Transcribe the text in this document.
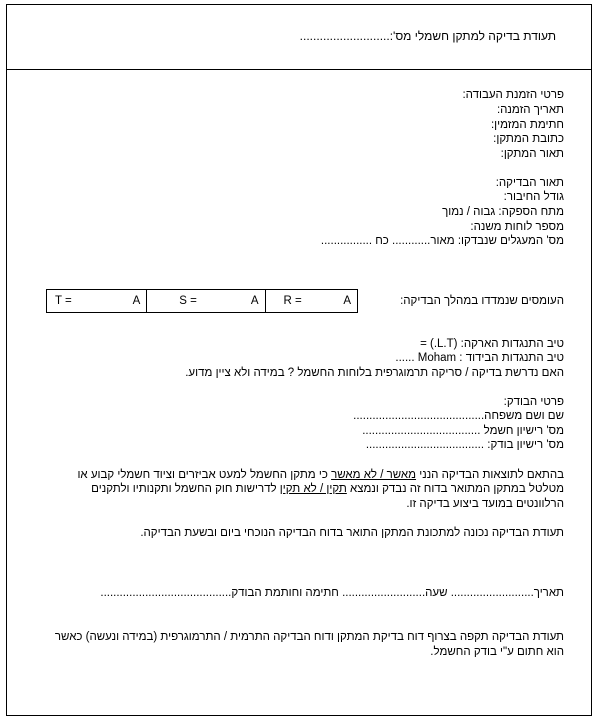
תעודת בדיקה למתקן חשמלי מס':...........................
פרטי הזמנת העבודה:
תאריך הזמנה:
חתימת המזמין:
כתובת המתקן:
תאור המתקן:
תאור הבדיקה:
גודל החיבור:
מתח הספקה: גבוה / נמוך
מספר לוחות משנה:
מס' המעגלים שנבדקו: מאור............ כח ................
העומסים שנמדדו במהלך הבדיקה:
T =	A	S =	A	R =	A
טיב התנגדות הארקה: (L.T.) =
טיב התנגדות הבידוד : Moham ......
האם נדרשת בדיקה / סריקה תרמוגרפית בלוחות החשמל ? במידה ולא ציין מדוע.
פרטי הבודק:
שם ושם משפחה.........................................
מס' רישיון חשמל .....................................
מס' רישיון בודק: .....................................
בהתאם לתוצאות הבדיקה הנני מאשר / לא מאשר כי מתקן החשמל למעט אביזרים וציוד חשמלי קבוע או
מטלטל במתקן המתואר בדוח זה נבדק ונמצא תקין / לא תקין לדרישות חוק החשמל ותקנותיו ולתקנים
הרלוונטים במועד ביצוע בדיקה זו.
תעודת הבדיקה נכונה למתכונת המתקן התואר בדוח הבדיקה הנוכחי ביום ובשעת הבדיקה.
תאריך.......................... שעה.......................... חתימה וחותמת הבודק.........................................
תעודת הבדיקה תקפה בצרוף דוח בדיקת המתקן ודוח הבדיקה התרמית / התרמוגרפית (במידה ונעשה) כאשר
הוא חתום ע"י בודק החשמל.
